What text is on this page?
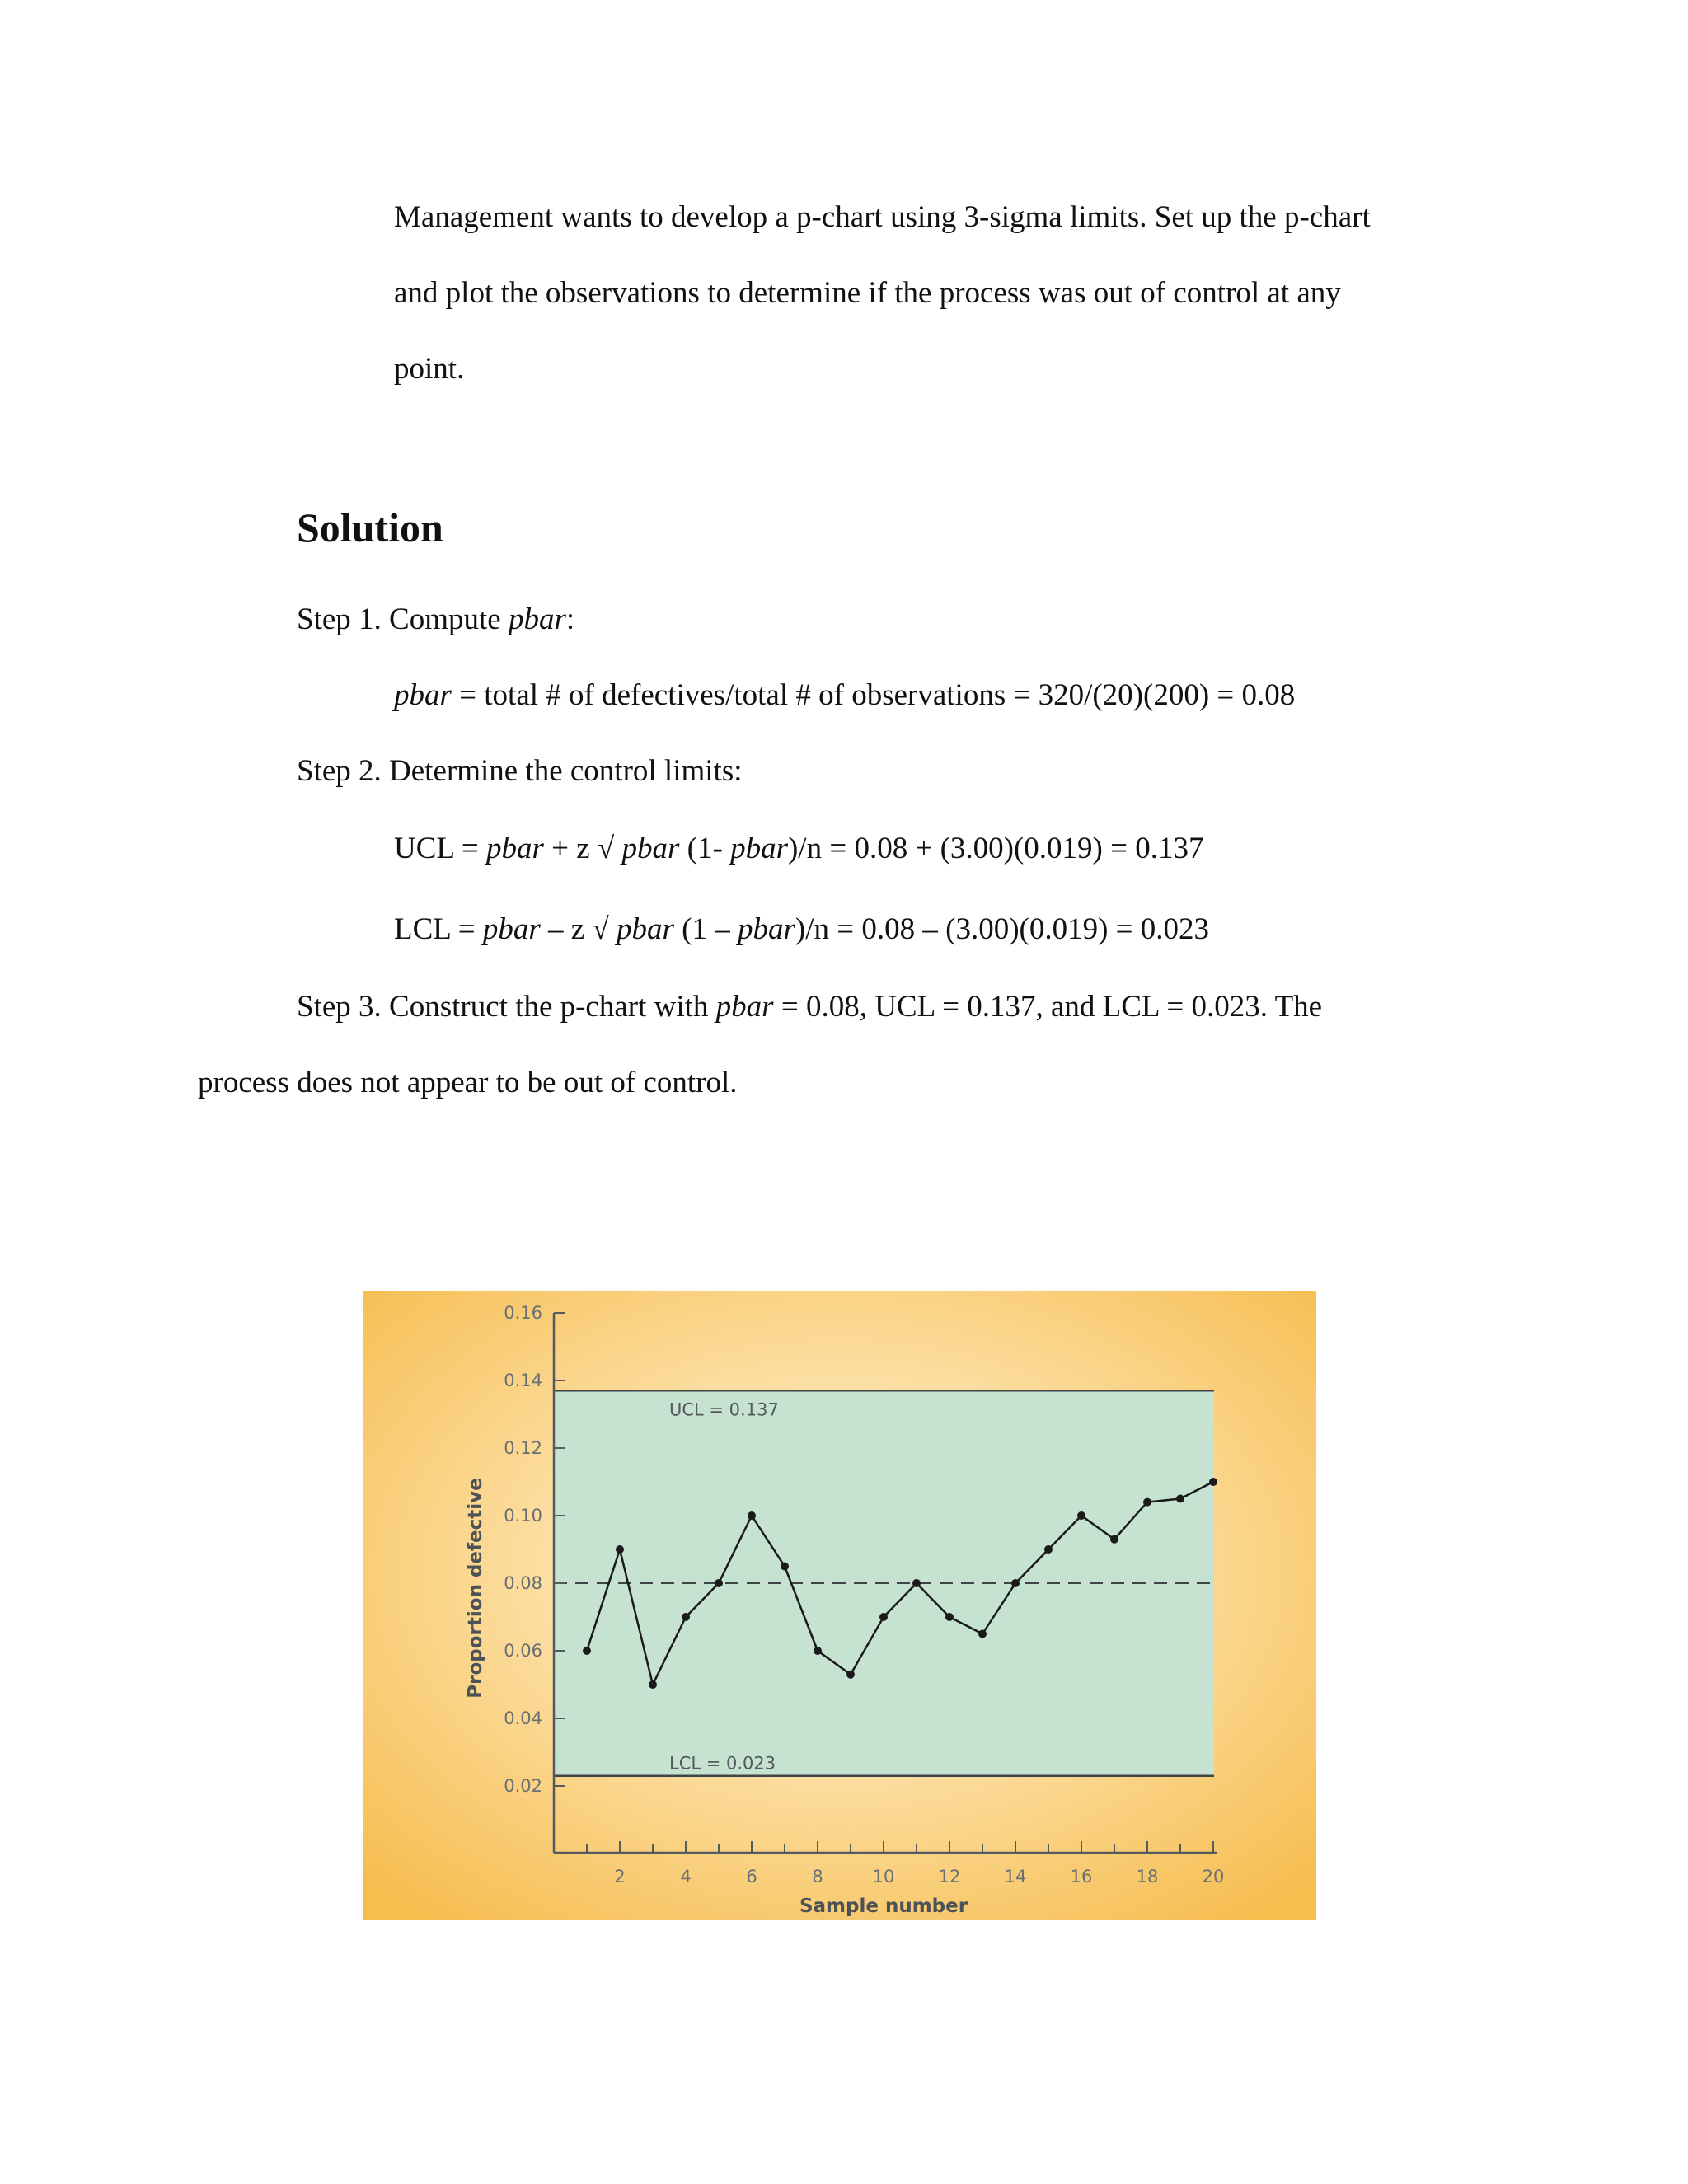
Management wants to develop a p-chart using 3-sigma limits. Set up the p-chart
and plot the observations to determine if the process was out of control at any
point.
Solution
Step 1. Compute pbar:
pbar = total # of defectives/total # of observations = 320/(20)(200) = 0.08
Step 2. Determine the control limits:
UCL = pbar + z √ pbar (1- pbar)/n = 0.08 + (3.00)(0.019) = 0.137
LCL = pbar – z √ pbar (1 – pbar)/n = 0.08 – (3.00)(0.019) = 0.023
Step 3. Construct the p-chart with pbar = 0.08, UCL = 0.137, and LCL = 0.023. The
process does not appear to be out of control.
0.02
0.04
0.06
0.08
0.10
0.12
0.14
0.16
2	4	6	8	10	12	14	16	18	20
UCL = 0.137
LCL = 0.023
Sample number
Proportion defective
